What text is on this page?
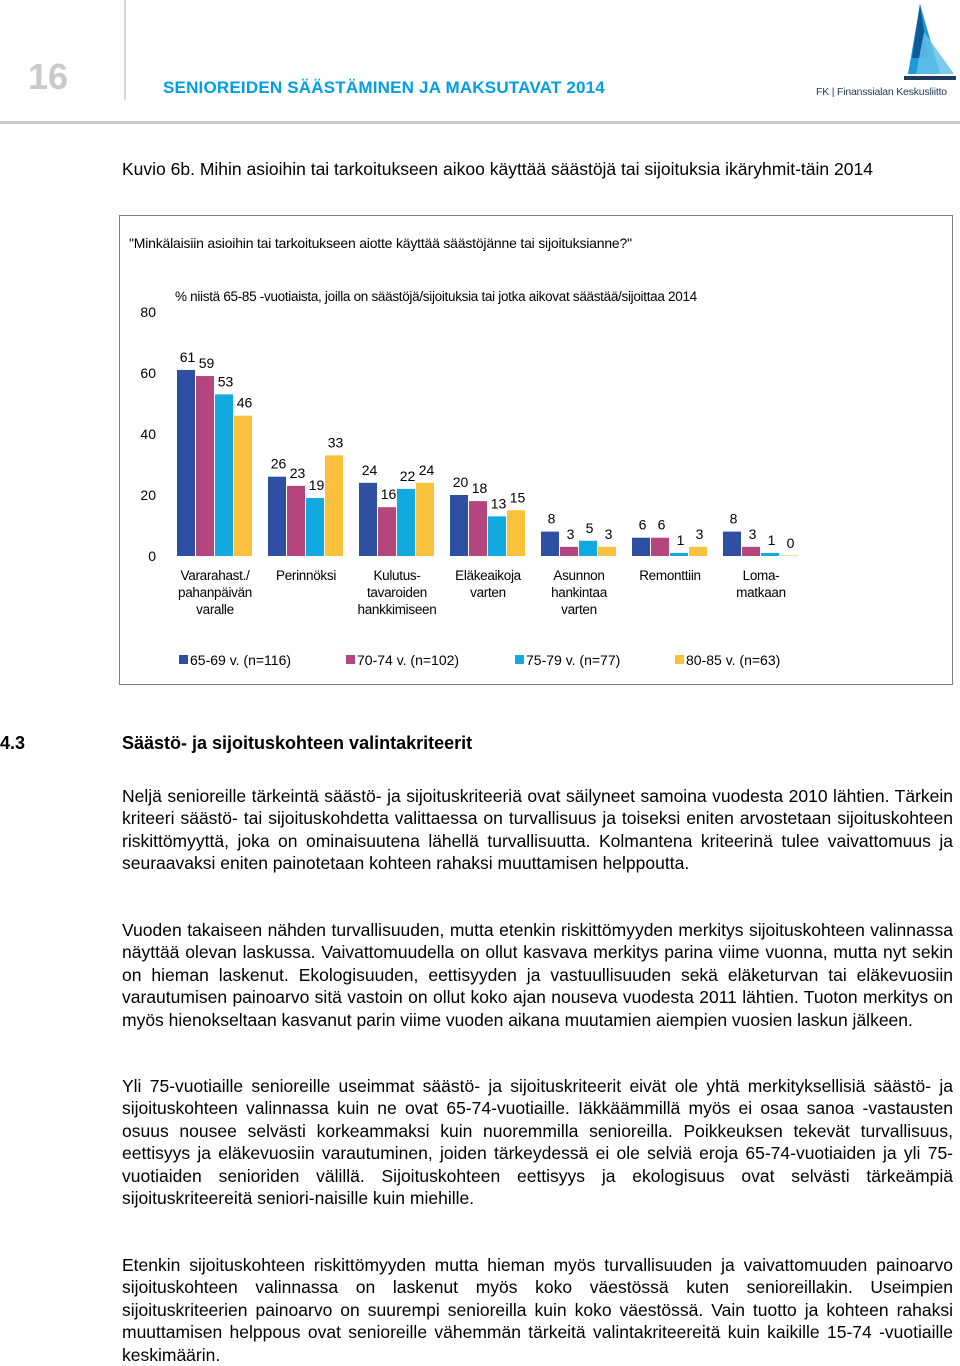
16	SENIOREIDEN SÄÄSTÄMINEN JA MAKSUTAVAT 2014	FK | Finanssialan Keskusliitto
Kuvio 6b. Mihin asioihin tai tarkoitukseen aikoo käyttää säästöjä tai sijoituksia ikäryhmit-täin 2014
"Minkälaisiin asioihin tai tarkoitukseen aiotte käyttää säästöjänne tai sijoituksianne?"
% niistä 65-85 -vuotiaista, joilla on säästöjä/sijoituksia tai jotka aikovat säästää/sijoittaa 2014
0
20
40
60
80
61 59
53
46
Vararahast./
pahanpäivän
varalle
26
23
19
33
Perinnöksi
24
16
22 24
Kulutus-
tavaroiden
hankkimiseen
20 18
13 15
Eläkeaikoja
varten
8
3 5 3
Asunnon
hankintaa
varten
6 6
1 3
Remonttiin
8
3 1 0
Loma-
matkaan
65-69 v. (n=116)	70-74 v. (n=102)	75-79 v. (n=77)	80-85 v. (n=63)
4.3	Säästö- ja sijoituskohteen valintakriteerit
Neljä senioreille tärkeintä säästö- ja sijoituskriteeriä ovat säilyneet samoina vuodesta 2010 lähtien. Tärkein kriteeri säästö- tai sijoituskohdetta valittaessa on turvallisuus ja toiseksi eniten arvostetaan sijoituskohteen riskittömyyttä, joka on ominaisuutena lähellä turvallisuutta. Kolmantena kriteerinä tulee vaivattomuus ja seuraavaksi eniten painotetaan kohteen rahaksi muuttamisen helppoutta.
Vuoden takaiseen nähden turvallisuuden, mutta etenkin riskittömyyden merkitys sijoituskohteen valinnassa näyttää olevan laskussa. Vaivattomuudella on ollut kasvava merkitys parina viime vuonna, mutta nyt sekin on hieman laskenut. Ekologisuuden, eettisyyden ja vastuullisuuden sekä eläketurvan tai eläkevuosiin varautumisen painoarvo sitä vastoin on ollut koko ajan nouseva vuodesta 2011 lähtien. Tuoton merkitys on myös hienokseltaan kasvanut parin viime vuoden aikana muutamien aiempien vuosien laskun jälkeen.
Yli 75-vuotiaille senioreille useimmat säästö- ja sijoituskriteerit eivät ole yhtä merkityksellisiä säästö- ja sijoituskohteen valinnassa kuin ne ovat 65-74-vuotiaille. Iäkkäämmillä myös ei osaa sanoa -vastausten osuus nousee selvästi korkeammaksi kuin nuoremmilla senioreilla. Poikkeuksen tekevät turvallisuus, eettisyys ja eläkevuosiin varautuminen, joiden tärkeydessä ei ole selviä eroja 65-74-vuotiaiden ja yli 75-vuotiaiden senioriden välillä. Sijoituskohteen eettisyys ja ekologisuus ovat selvästi tärkeämpiä sijoituskriteereitä seniori-naisille kuin miehille.
Etenkin sijoituskohteen riskittömyyden mutta hieman myös turvallisuuden ja vaivattomuuden painoarvo sijoituskohteen valinnassa on laskenut myös koko väestössä kuten senioreillakin. Useimpien sijoituskriteerien painoarvo on suurempi senioreilla kuin koko väestössä. Vain tuotto ja kohteen rahaksi muuttamisen helppous ovat senioreille vähemmän tärkeitä valintakriteereitä kuin kaikille 15-74 -vuotiaille keskimäärin.
